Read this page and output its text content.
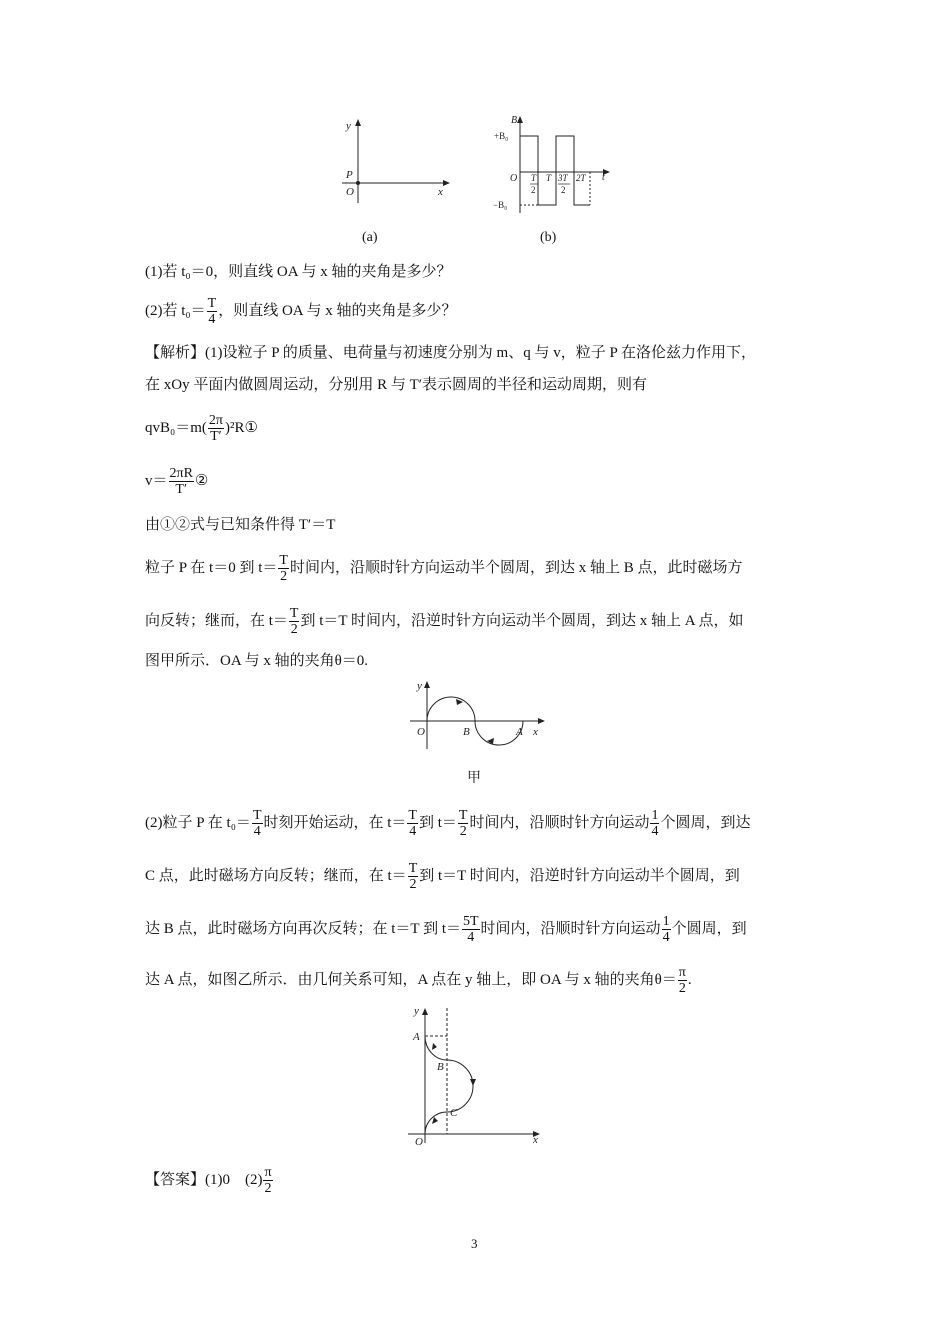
y
x
P
O
(a)
B
+B₀
−B₀
O	t
T
2
T 3T
2
2T
(b)
(1)若 t₀＝0，则直线 OA 与 x 轴的夹角是多少？
(2)若 $t_0= \frac{T}{4}$ ，则直线 OA 与 x 轴的夹角是多少？
【解析】(1)设粒子 P 的质量、电荷量与初速度分别为 m、q 与 v，粒子 P 在洛伦兹力作用下，
在 xOy 平面内做圆周运动，分别用 R 与 T′表示圆周的半径和运动周期，则有
$qvB_0=m( \frac{2\pi}{T'}$ )²R①
$v= \frac{2\pi R}{T'}$ ②
由①②式与已知条件得 T′＝T
粒子 P 在 t＝0 到 $t= \frac{T}{2}$ 时间内，沿顺时针方向运动半个圆周，到达 x 轴上 B 点，此时磁场方
向反转；继而，在 $t= \frac{T}{2}$ 到 t＝T 时间内，沿逆时针方向运动半个圆周，到达 x 轴上 A 点，如
图甲所示．OA 与 x 轴的夹角θ＝0.
y
O	B	A x
甲
(2)粒子 P 在 $t_0= \frac{T}{4}$ 时刻开始运动，在 $t= \frac{T}{4}$ 到 $t= \frac{T}{2}$ 时间内，沿顺时针方向运动 $\frac{1}{4}$ 个圆周，到达
C 点，此时磁场方向反转；继而，在 $t= \frac{T}{2}$ 到 t＝T 时间内，沿逆时针方向运动半个圆周，到
达 B 点，此时磁场方向再次反转；在 t＝T 到 $t= \frac{5T}{4}$ 时间内，沿顺时针方向运动 $\frac{1}{4}$ 个圆周，到
达 A 点，如图乙所示．由几何关系可知，A 点在 y 轴上，即 OA 与 x 轴的夹角$\theta= \frac{\pi}{2}$ .
y
A
B
C
O	x
【答案】(1)0　$(2) \frac{\pi}{2}$
3
